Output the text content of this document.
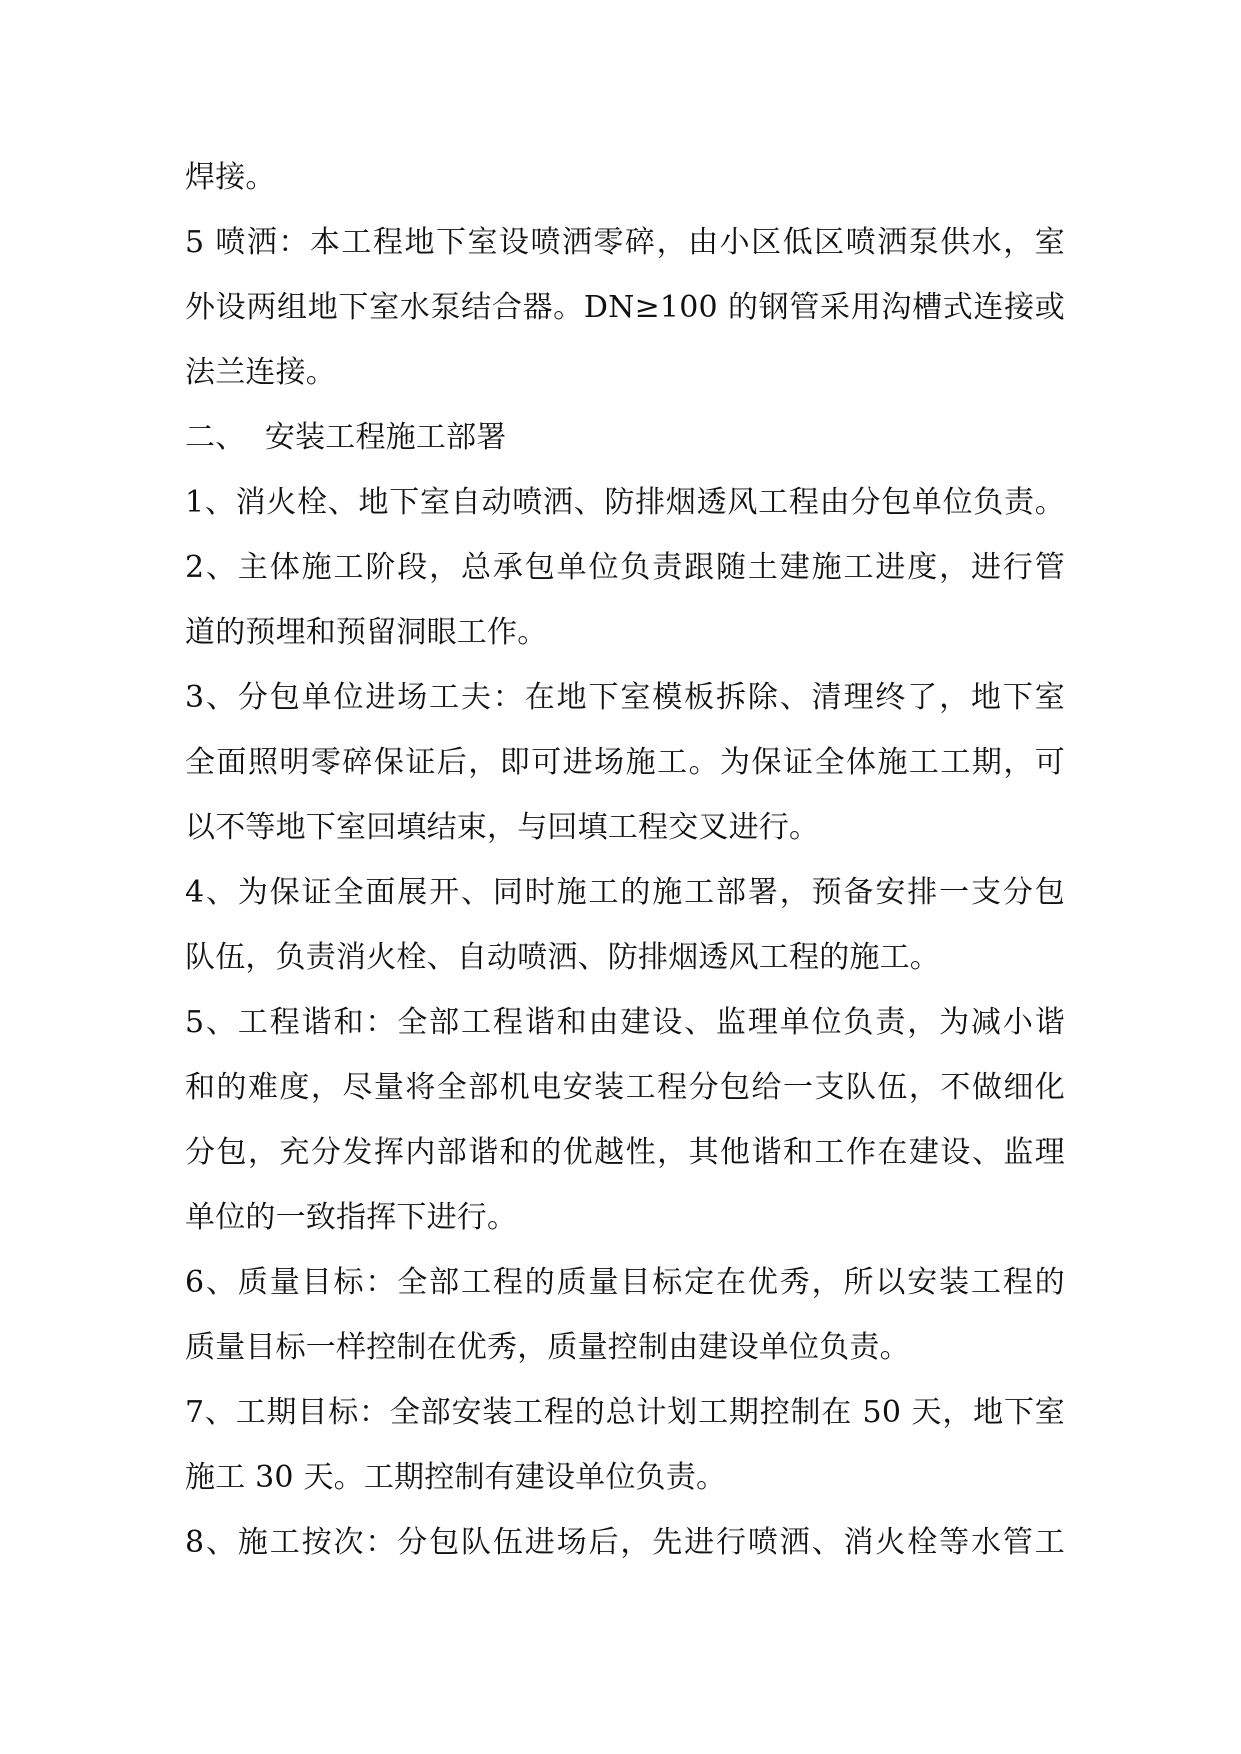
焊接。
5 喷洒：本工程地下室设喷洒零碎，由小区低区喷洒泵供水，室
外设两组地下室水泵结合器。DN≥100 的钢管采用沟槽式连接或
法兰连接。
二、  安装工程施工部署
1、消火栓、地下室自动喷洒、防排烟透风工程由分包单位负责。
2、主体施工阶段，总承包单位负责跟随土建施工进度，进行管
道的预埋和预留洞眼工作。
3、分包单位进场工夫：在地下室模板拆除、清理终了，地下室
全面照明零碎保证后，即可进场施工。为保证全体施工工期，可
以不等地下室回填结束，与回填工程交叉进行。
4、为保证全面展开、同时施工的施工部署，预备安排一支分包
队伍，负责消火栓、自动喷洒、防排烟透风工程的施工。
5、工程谐和：全部工程谐和由建设、监理单位负责，为减小谐
和的难度，尽量将全部机电安装工程分包给一支队伍，不做细化
分包，充分发挥内部谐和的优越性，其他谐和工作在建设、监理
单位的一致指挥下进行。
6、质量目标：全部工程的质量目标定在优秀，所以安装工程的
质量目标一样控制在优秀，质量控制由建设单位负责。
7、工期目标：全部安装工程的总计划工期控制在 50 天，地下室
施工 30 天。工期控制有建设单位负责。
8、施工按次：分包队伍进场后，先进行喷洒、消火栓等水管工
